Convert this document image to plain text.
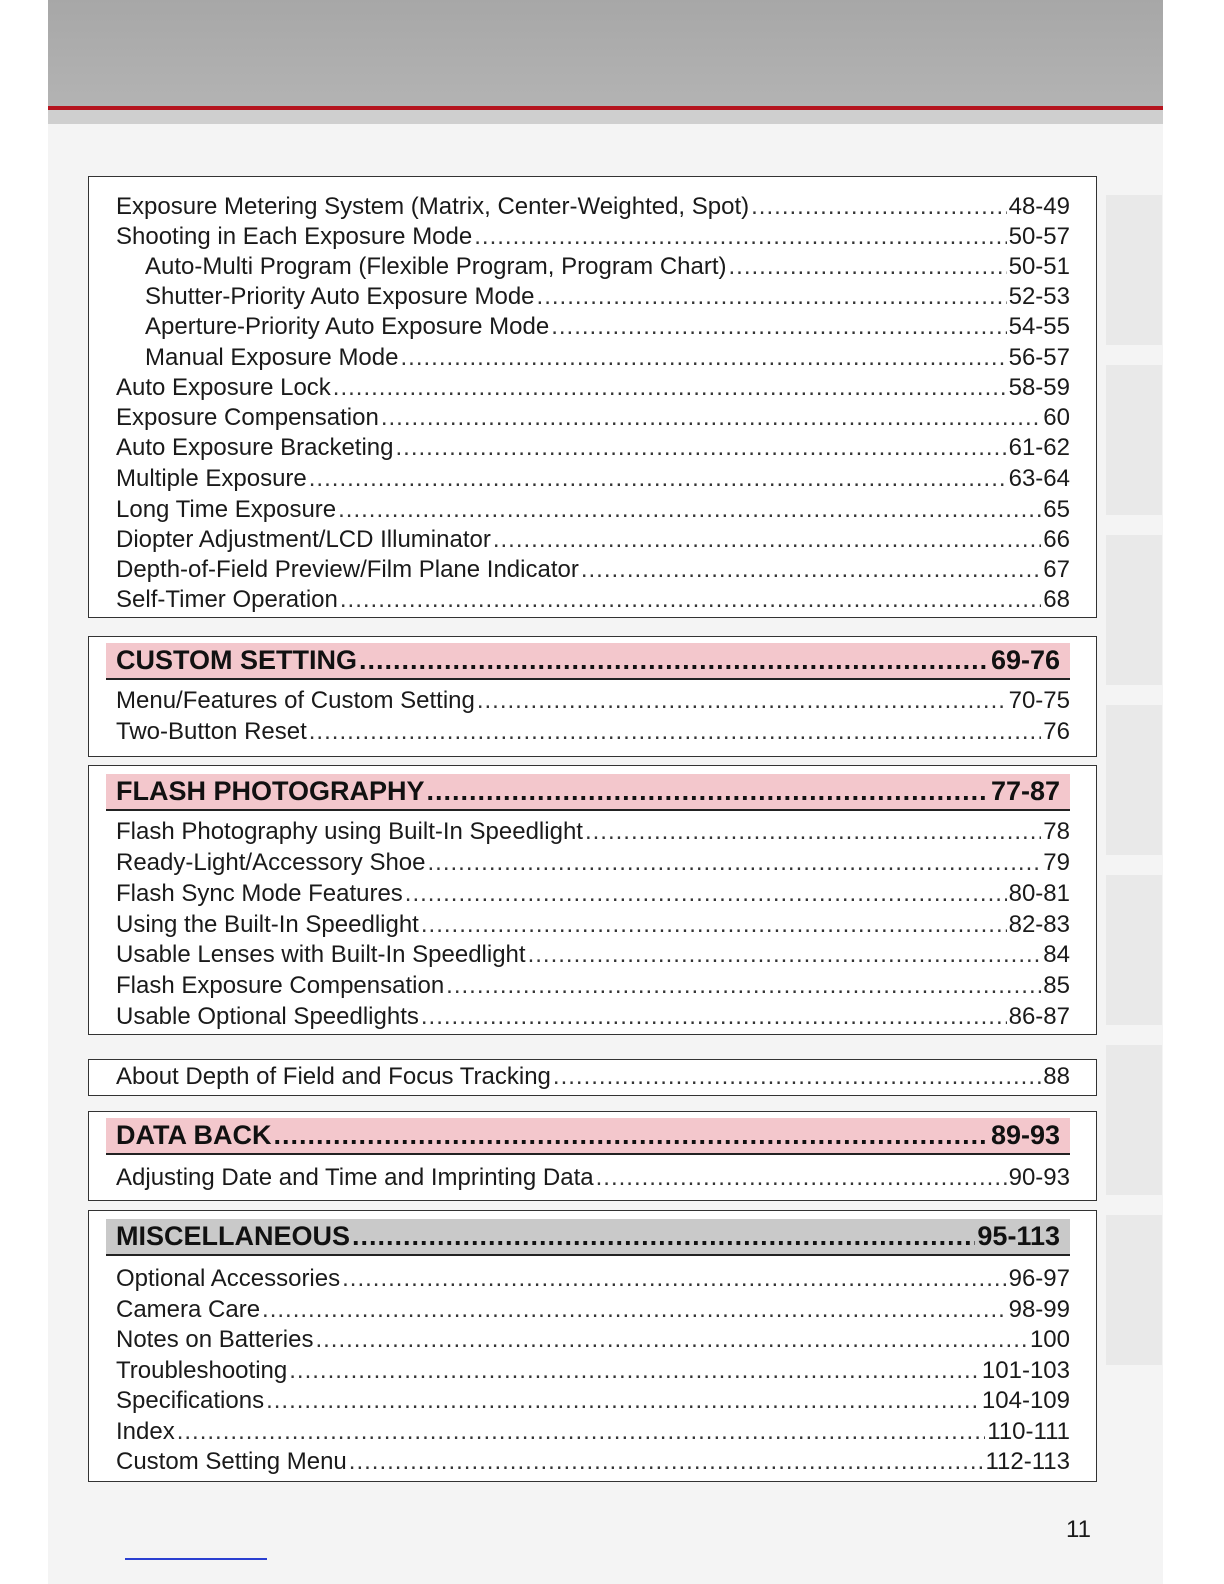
Exposure Metering System (Matrix, Center-Weighted, Spot) .....	48-49
Shooting in Each Exposure Mode .....	50-57
Auto-Multi Program (Flexible Program, Program Chart) .....	50-51
Shutter-Priority Auto Exposure Mode .....	52-53
Aperture-Priority Auto Exposure Mode .....	54-55
Manual Exposure Mode .....	56-57
Auto Exposure Lock .....	58-59
Exposure Compensation .....	60
Auto Exposure Bracketing .....	61-62
Multiple Exposure .....	63-64
Long Time Exposure .....	65
Diopter Adjustment/LCD Illuminator .....	66
Depth-of-Field Preview/Film Plane Indicator .....	67
Self-Timer Operation .....	68
CUSTOM SETTING .....	69-76
Menu/Features of Custom Setting .....	70-75
Two-Button Reset .....	76
FLASH PHOTOGRAPHY .....	77-87
Flash Photography using Built-In Speedlight .....	78
Ready-Light/Accessory Shoe .....	79
Flash Sync Mode Features .....	80-81
Using the Built-In Speedlight .....	82-83
Usable Lenses with Built-In Speedlight .....	84
Flash Exposure Compensation .....	85
Usable Optional Speedlights .....	86-87
About Depth of Field and Focus Tracking .....	88
DATA BACK .....	89-93
Adjusting Date and Time and Imprinting Data .....	90-93
MISCELLANEOUS .....	95-113
Optional Accessories .....	96-97
Camera Care .....	98-99
Notes on Batteries .....	100
Troubleshooting .....	101-103
Specifications .....	104-109
Index .....	110-111
Custom Setting Menu .....	112-113
11
